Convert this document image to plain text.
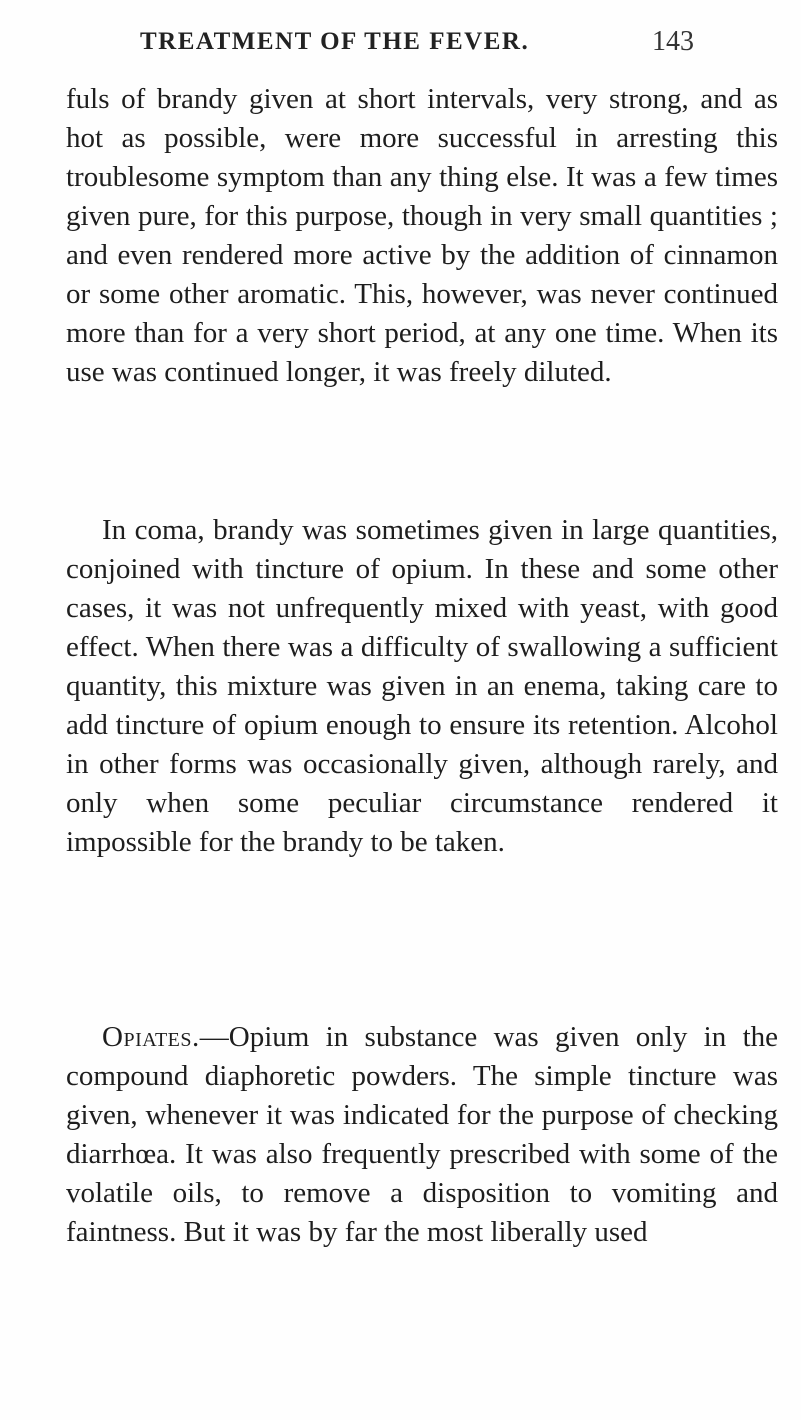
TREATMENT OF THE FEVER.	143

fuls of brandy given at short intervals, very strong, and as hot as possible, were more successful in arresting this troublesome symptom than any thing else. It was a few times given pure, for this purpose, though in very small quantities ; and even rendered more active by the addition of cinnamon or some other aromatic. This, however, was never continued more than for a very short period, at any one time. When its use was continued longer, it was freely diluted.

In coma, brandy was sometimes given in large quantities, conjoined with tincture of opium. In these and some other cases, it was not unfrequently mixed with yeast, with good effect. When there was a difficulty of swallowing a sufficient quantity, this mixture was given in an enema, taking care to add tincture of opium enough to ensure its retention. Alcohol in other forms was occasionally given, although rarely, and only when some peculiar circumstance rendered it impossible for the brandy to be taken.

Opiates.—Opium in substance was given only in the compound diaphoretic powders. The simple tincture was given, whenever it was indicated for the purpose of checking diarrhœa. It was also frequently prescribed with some of the volatile oils, to remove a disposition to vomiting and faintness. But it was by far the most liberally used
